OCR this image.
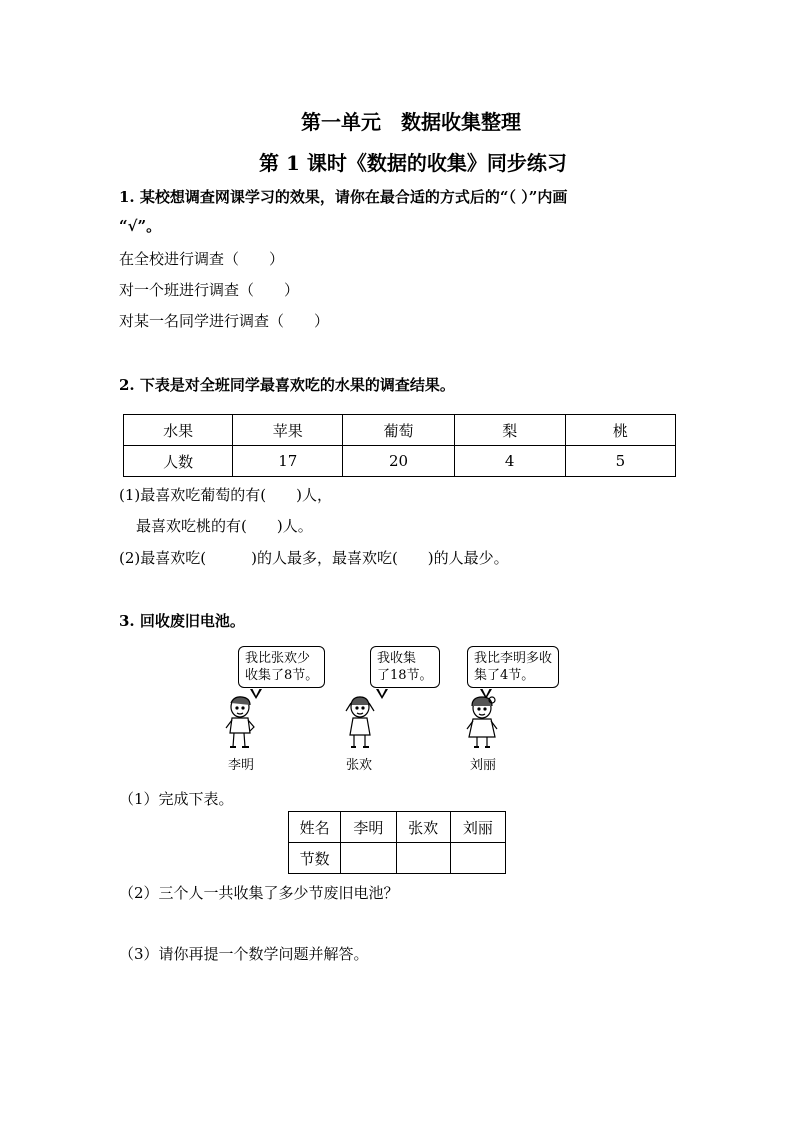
第一单元　数据收集整理
第 1 课时《数据的收集》同步练习
1. 某校想调查网课学习的效果，请你在最合适的方式后的“（ ）”内画
“√”。
在全校进行调查（　　）
对一个班进行调查（　　）
对某一名同学进行调查（　　）
2. 下表是对全班同学最喜欢吃的水果的调查结果。
水果	苹果	葡萄	梨	桃
人数	17	20	4	5
(1)最喜欢吃葡萄的有(　　)人，
最喜欢吃桃的有(　　)人。
(2)最喜欢吃(　　　)的人最多，最喜欢吃(　　)的人最少。
3. 回收废旧电池。
我比张欢少
收集了8节。
我收集
了18节。
我比李明多收
集了4节。
李明	张欢	刘丽
（1）完成下表。
姓名	李明	张欢	刘丽
节数			
（2）三个人一共收集了多少节废旧电池？
（3）请你再提一个数学问题并解答。
